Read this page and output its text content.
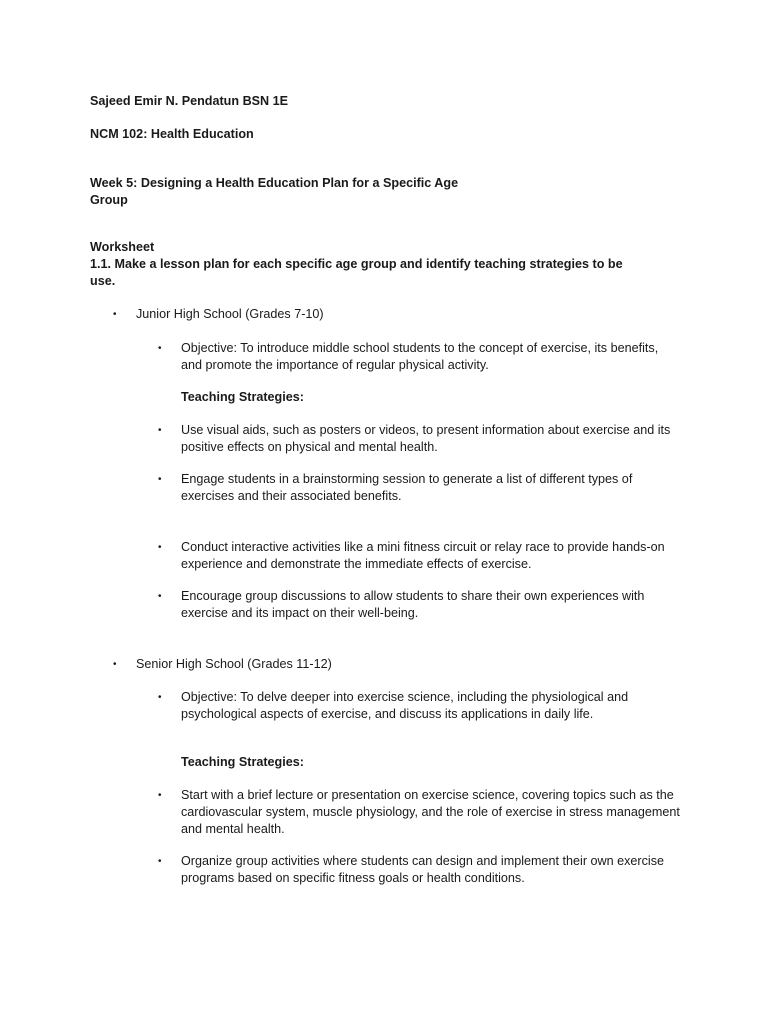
Sajeed Emir N. Pendatun BSN 1E

NCM 102: Health Education

Week 5: Designing a Health Education Plan for a Specific Age Group

Worksheet

1.1. Make a lesson plan for each specific age group and identify teaching strategies to be use.

• Junior High School (Grades 7-10)

• Objective: To introduce middle school students to the concept of exercise, its benefits, and promote the importance of regular physical activity.

Teaching Strategies:

• Use visual aids, such as posters or videos, to present information about exercise and its positive effects on physical and mental health.

• Engage students in a brainstorming session to generate a list of different types of exercises and their associated benefits.

• Conduct interactive activities like a mini fitness circuit or relay race to provide hands-on experience and demonstrate the immediate effects of exercise.

• Encourage group discussions to allow students to share their own experiences with exercise and its impact on their well-being.

• Senior High School (Grades 11-12)

• Objective: To delve deeper into exercise science, including the physiological and psychological aspects of exercise, and discuss its applications in daily life.

Teaching Strategies:

• Start with a brief lecture or presentation on exercise science, covering topics such as the cardiovascular system, muscle physiology, and the role of exercise in stress management and mental health.

• Organize group activities where students can design and implement their own exercise programs based on specific fitness goals or health conditions.
